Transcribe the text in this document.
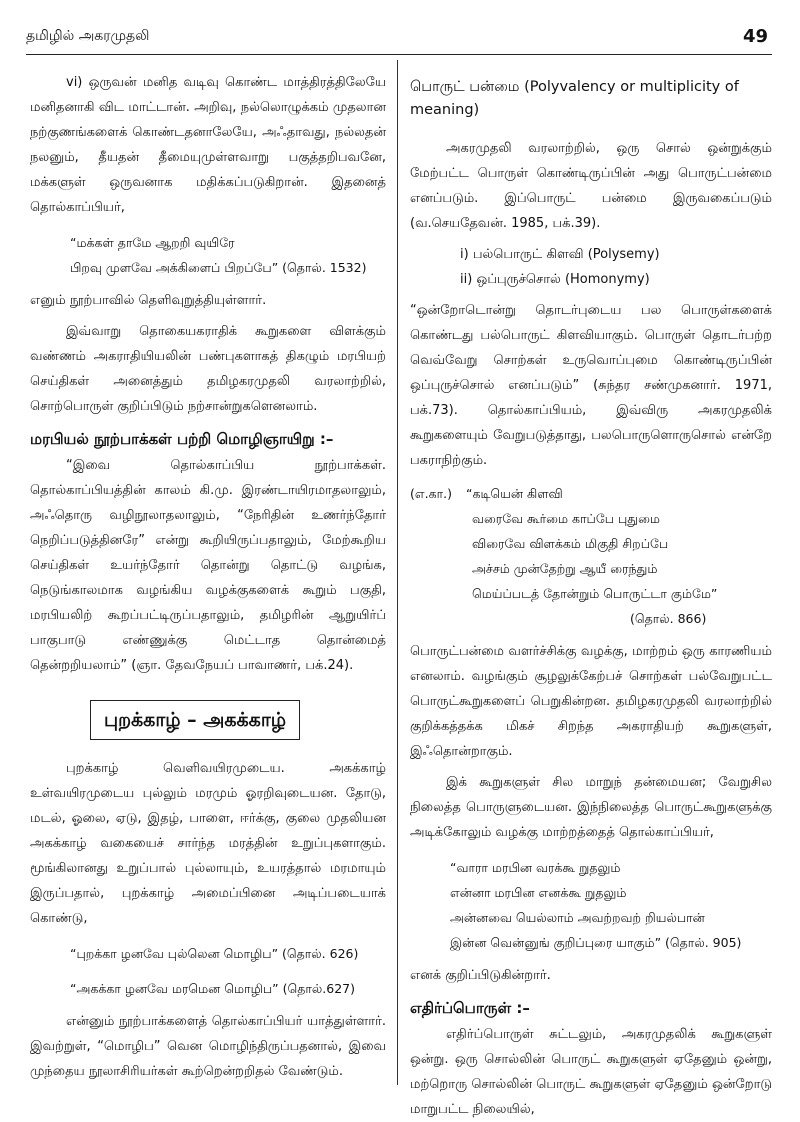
தமிழில் அகரமுதலி	49

vi) ஒருவன் மனித வடிவு கொண்ட மாத்திரத்திலேயே மனிதனாகி விட மாட்டான். அறிவு, நல்லொழுக்கம் முதலான நற்குணங்களைக் கொண்டதனாலேயே, அஃதாவது, நல்லதன் நலனும், தீயதன் தீமையுமுள்ளவாறு பகுத்தறிபவனே, மக்களுள் ஒருவனாக மதிக்கப்படுகிறான். இதனைத் தொல்காப்பியர்,

“மக்கள் தாமே ஆறறி வுயிரே
பிறவு முளவே அக்கிளைப் பிறப்பே” (தொல். 1532)

எனும் நூற்பாவில் தெளிவுறுத்தியுள்ளார்.

இவ்வாறு தொகையகராதிக் கூறுகளை விளக்கும் வண்ணம் அகராதியியலின் பண்புகளாகத் திகழும் மரபியற் செய்திகள் அனைத்தும் தமிழகரமுதலி வரலாற்றில், சொற்பொருள் குறிப்பிடும் நற்சான்றுகளெனலாம்.

மரபியல் நூற்பாக்கள் பற்றி மொழிஞாயிறு :–

“இவை தொல்காப்பிய நூற்பாக்கள். தொல்காப்பியத்தின் காலம் கி.மு. இரண்டாயிரமாதலாலும், அஃதொரு வழிநூலாதலாலும், “நேரிதின் உணர்ந்தோர் நெறிப்படுத்தினரே” என்று கூறியிருப்பதாலும், மேற்கூறிய செய்திகள் உயர்ந்தோர் தொன்று தொட்டு வழங்க, நெடுங்காலமாக வழங்கிய வழக்குகளைக் கூறும் பகுதி, மரபியலிற் கூறப்பட்டிருப்பதாலும், தமிழரின் ஆறுயிர்ப் பாகுபாடு எண்ணுக்கு மெட்டாத தொன்மைத் தென்றறியலாம்” (ஞா. தேவநேயப் பாவாணர், பக்.24).

புறக்காழ் – அகக்காழ்

புறக்காழ் வெளிவயிரமுடைய. அகக்காழ் உள்வயிரமுடைய புல்லும் மரமும் ஓரறிவுடையன. தோடு, மடல், ஓலை, ஏடு, இதழ், பாளை, ஈர்க்கு, குலை முதலியன அகக்காழ் வகையைச் சார்ந்த மரத்தின் உறுப்புகளாகும். மூங்கிலானது உறுப்பால் புல்லாயும், உயரத்தால் மரமாயும் இருப்பதால், புறக்காழ் அமைப்பினை அடிப்படையாக் கொண்டு,

“புறக்கா ழனவே புல்லென மொழிப” (தொல். 626)
“அகக்கா ழனவே மரமென மொழிப” (தொல்.627)

என்னும் நூற்பாக்களைத் தொல்காப்பியர் யாத்துள்ளார். இவற்றுள், “மொழிப” வென மொழிந்திருப்பதனால், இவை முந்தைய நூலாசிரியர்கள் கூற்றென்றறிதல் வேண்டும்.

பொருட் பன்மை (Polyvalency or multiplicity of meaning)

அகரமுதலி வரலாற்றில், ஒரு சொல் ஒன்றுக்கும் மேற்பட்ட பொருள் கொண்டிருப்பின் அது பொருட்பன்மை எனப்படும். இப்பொருட் பன்மை இருவகைப்படும் (வ.செயதேவன். 1985, பக்.39).

i) பல்பொருட் கிளவி (Polysemy)
ii) ஒப்புருச்சொல் (Homonymy)

“ஒன்றோடொன்று தொடர்புடைய பல பொருள்களைக் கொண்டது பல்பொருட் கிளவியாகும். பொருள் தொடர்பற்ற வெவ்வேறு சொற்கள் உருவொப்புமை கொண்டிருப்பின் ஒப்புருச்சொல் எனப்படும்” (சுந்தர சண்முகனார். 1971, பக்.73). தொல்காப்பியம், இவ்விரு அகரமுதலிக் கூறுகளையும் வேறுபடுத்தாது, பலபொருளொருசொல் என்றே பகராநிற்கும்.

(எ.கா.) “கடியென் கிளவி
வரைவே கூர்மை காப்பே புதுமை
விரைவே விளக்கம் மிகுதி சிறப்பே
அச்சம் முன்தேற்று ஆயீ ரைந்தும்
மெய்ப்படத் தோன்றும் பொருட்டா கும்மே”
(தொல். 866)

பொருட்பன்மை வளர்ச்சிக்கு வழக்கு, மாற்றம் ஒரு காரணியம் எனலாம். வழங்கும் சூழலுக்கேற்பச் சொற்கள் பல்வேறுபட்ட பொருட்கூறுகளைப் பெறுகின்றன. தமிழகரமுதலி வரலாற்றில் குறிக்கத்தக்க மிகச் சிறந்த அகராதியற் கூறுகளுள், இஃதொன்றாகும்.

இக் கூறுகளுள் சில மாறுந் தன்மையன; வேறுசில நிலைத்த பொருளுடையன. இந்நிலைத்த பொருட்கூறுகளுக்கு அடிக்கோலும் வழக்கு மாற்றத்தைத் தொல்காப்பியர்,

“வாரா மரபின வரக்கூ றுதலும்
என்னா மரபின எனக்கூ றுதலும்
அன்னவை யெல்லாம் அவற்றவற் றியல்பான்
இன்ன வென்னுங் குறிப்புரை யாகும்” (தொல். 905)

எனக் குறிப்பிடுகின்றார்.

எதிர்ப்பொருள் :–

எதிர்ப்பொருள் சுட்டலும், அகரமுதலிக் கூறுகளுள் ஒன்று. ஒரு சொல்லின் பொருட் கூறுகளுள் ஏதேனும் ஒன்று, மற்றொரு சொல்லின் பொருட் கூறுகளுள் ஏதேனும் ஒன்றோடு மாறுபட்ட நிலையில்,
